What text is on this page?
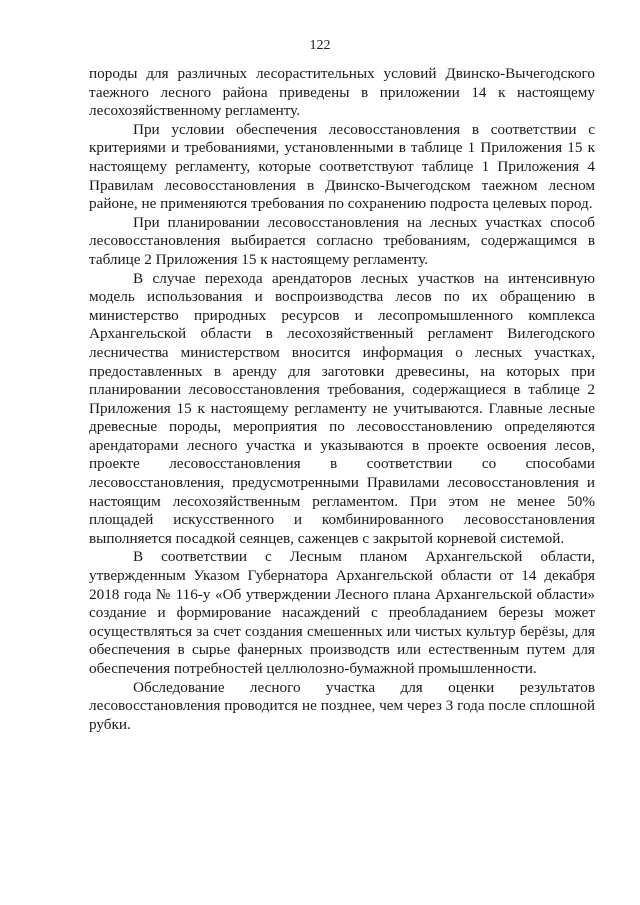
122

породы для различных лесорастительных условий Двинско-Вычегодского таежного лесного района приведены в приложении 14 к настоящему лесохозяйственному регламенту.

При условии обеспечения лесовосстановления в соответствии с критериями и требованиями, установленными в таблице 1 Приложения 15 к настоящему регламенту, которые соответствуют таблице 1 Приложения 4 Правилам лесовосстановления в Двинско-Вычегодском таежном лесном районе, не применяются требования по сохранению подроста целевых пород.

При планировании лесовосстановления на лесных участках способ лесовосстановления выбирается согласно требованиям, содержащимся в таблице 2 Приложения 15 к настоящему регламенту.

В случае перехода арендаторов лесных участков на интенсивную модель использования и воспроизводства лесов по их обращению в министерство природных ресурсов и лесопромышленного комплекса Архангельской области в лесохозяйственный регламент Вилегодского лесничества министерством вносится информация о лесных участках, предоставленных в аренду для заготовки древесины, на которых при планировании лесовосстановления требования, содержащиеся в таблице 2 Приложения 15 к настоящему регламенту не учитываются. Главные лесные древесные породы, мероприятия по лесовосстановлению определяются арендаторами лесного участка и указываются в проекте освоения лесов, проекте лесовосстановления в соответствии со способами лесовосстановления, предусмотренными Правилами лесовосстановления и настоящим лесохозяйственным регламентом. При этом не менее 50% площадей искусственного и комбинированного лесовосстановления выполняется посадкой сеянцев, саженцев с закрытой корневой системой.

В соответствии с Лесным планом Архангельской области, утвержденным Указом Губернатора Архангельской области от 14 декабря 2018 года № 116-у «Об утверждении Лесного плана Архангельской области» создание и формирование насаждений с преобладанием березы может осуществляться за счет создания смешенных или чистых культур берёзы, для обеспечения в сырье фанерных производств или естественным путем для обеспечения потребностей целлюлозно-бумажной промышленности.

Обследование лесного участка для оценки результатов лесовосстановления проводится не позднее, чем через 3 года после сплошной рубки.
